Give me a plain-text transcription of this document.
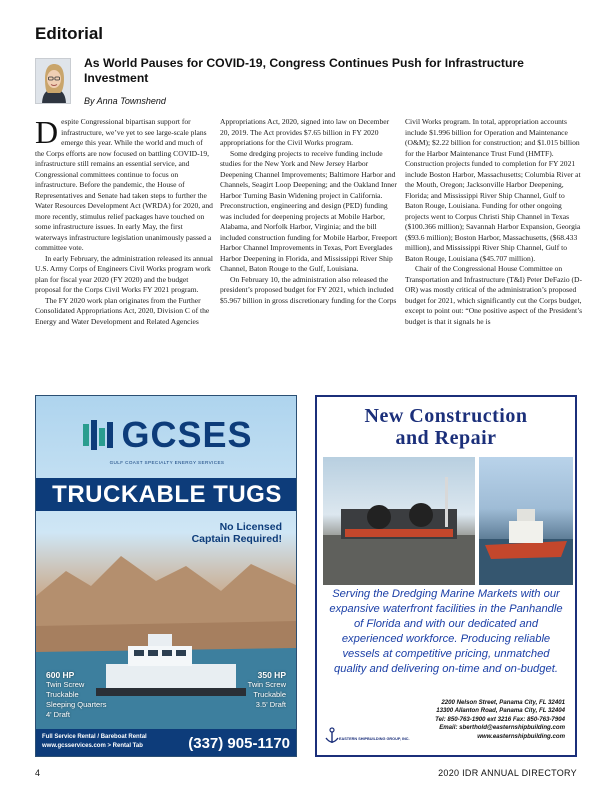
Editorial
As World Pauses for COVID-19, Congress Continues Push for Infrastructure Investment
By Anna Townshend

Despite Congressional bipartisan support for infrastructure, we’ve yet to see large-scale plans emerge this year. While the world and much of the Corps efforts are now focused on battling COVID-19, infrastructure still remains an essential service, and Congressional committees continue to focus on infrastructure. Before the pandemic, the House of Representatives and Senate had taken steps to further the Water Resources Development Act (WRDA) for 2020, and more recently, stimulus relief packages have touched on some infrastructure issues. In early May, the first waterways infrastructure legislation unanimously passed a committee vote.

In early February, the administration released its annual U.S. Army Corps of Engineers Civil Works program work plan for fiscal year 2020 (FY 2020) and the budget proposal for the Corps Civil Works FY 2021 program.

The FY 2020 work plan originates from the Further Consolidated Appropriations Act, 2020, Division C of the Energy and Water Development and Related Agencies

Appropriations Act, 2020, signed into law on December 20, 2019. The Act provides $7.65 billion in FY 2020 appropriations for the Civil Works program.

Some dredging projects to receive funding include studies for the New York and New Jersey Harbor Deepening Channel Improvements; Baltimore Harbor and Channels, Seagirt Loop Deepening; and the Oakland Inner Harbor Turning Basin Widening project in California. Preconstruction, engineering and design (PED) funding was included for deepening projects at Mobile Harbor, Alabama, and Norfolk Harbor, Virginia; and the bill included construction funding for Mobile Harbor, Freeport Harbor Channel Improvements in Texas, Port Everglades Harbor Deepening in Florida, and Mississippi River Ship Channel, Baton Rouge to the Gulf, Louisiana.

On February 10, the administration also released the president’s proposed budget for FY 2021, which included $5.967 billion in gross discretionary funding for the Corps

Civil Works program. In total, appropriation accounts include $1.996 billion for Operation and Maintenance (O&M); $2.22 billion for construction; and $1.015 billion for the Harbor Maintenance Trust Fund (HMTF). Construction projects funded to completion for FY 2021 include Boston Harbor, Massachusetts; Columbia River at the Mouth, Oregon; Jacksonville Harbor Deepening, Florida; and Mississippi River Ship Channel, Gulf to Baton Rouge, Louisiana. Funding for other ongoing projects went to Corpus Christi Ship Channel in Texas ($100.366 million); Savannah Harbor Expansion, Georgia ($93.6 million); Boston Harbor, Massachusetts, ($68.433 million), and Mississippi River Ship Channel, Gulf to Baton Rouge, Louisiana ($45.707 million).

Chair of the Congressional House Committee on Transportation and Infrastructure (T&I) Peter DeFazio (D-OR) was mostly critical of the administration’s proposed budget for 2021, which significantly cut the Corps budget, except to point out: “One positive aspect of the President’s budget is that it signals he is

GCSES
GULF COAST SPECIALTY ENERGY SERVICES
TRUCKABLE TUGS
No Licensed
Captain Required!
600 HP
Twin Screw
Truckable
Sleeping Quarters
4' Draft
350 HP
Twin Screw
Truckable
3.5' Draft
Full Service Rental / Bareboat Rental
www.gcsservices.com > Rental Tab	(337) 905-1170
New Construction
and Repair
Serving the Dredging Marine Markets with our expansive waterfront facilities in the Panhandle of Florida and with our dedicated and experienced workforce. Producing reliable vessels at competitive pricing, unmatched quality and delivering on-time and on-budget.
2200 Nelson Street, Panama City, FL 32401
13300 Allanton Road, Panama City, FL 32404
Tel: 850-763-1900 ext 3216 Fax: 850-763-7904
Email: sberthold@easternshipbuilding.com
www.easternshipbuilding.com
EASTERN SHIPBUILDING GROUP, INC.
4	2020 IDR ANNUAL DIRECTORY
